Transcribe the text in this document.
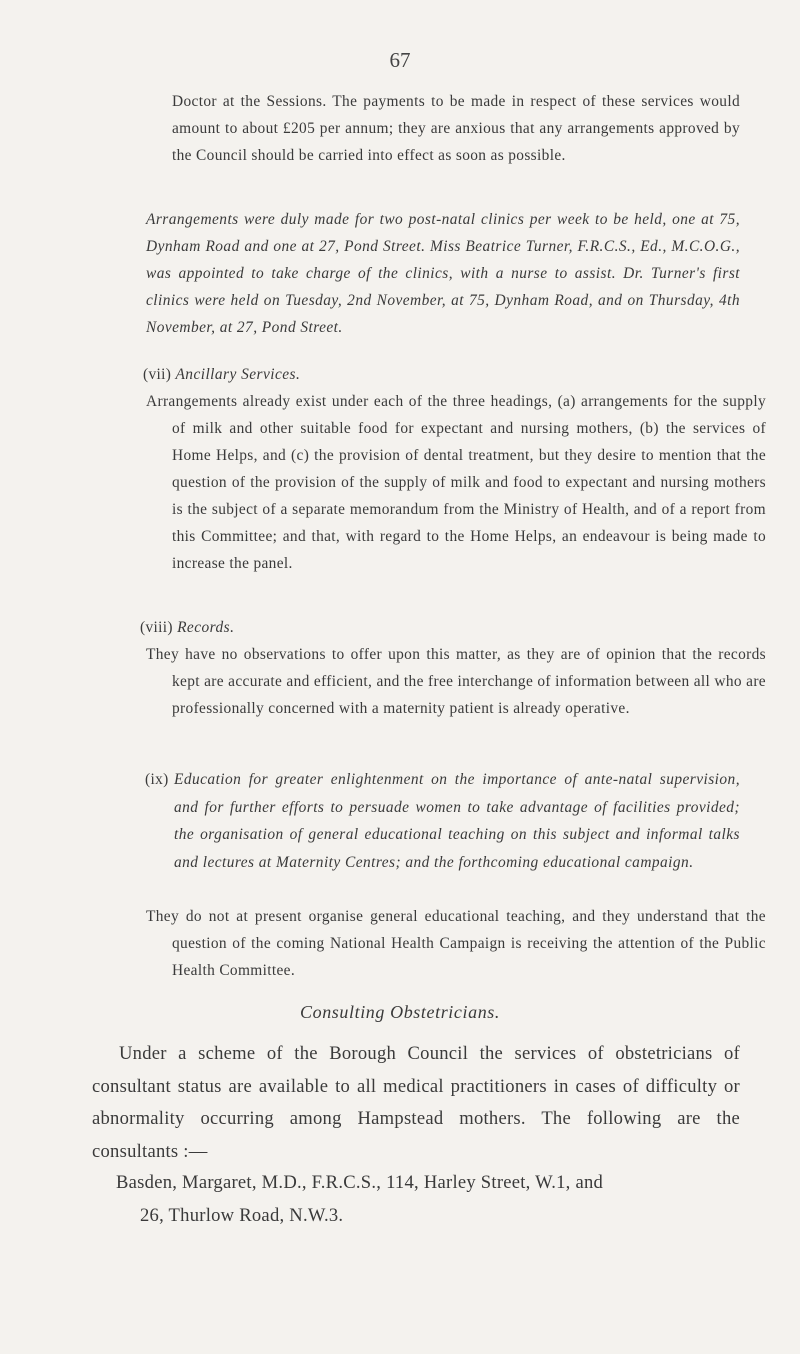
67

Doctor at the Sessions. The payments to be made in respect of these services would amount to about £205 per annum; they are anxious that any arrangements approved by the Council should be carried into effect as soon as possible.

Arrangements were duly made for two post-natal clinics per week to be held, one at 75, Dynham Road and one at 27, Pond Street. Miss Beatrice Turner, F.R.C.S., Ed., M.C.O.G., was appointed to take charge of the clinics, with a nurse to assist. Dr. Turner's first clinics were held on Tuesday, 2nd November, at 75, Dynham Road, and on Thursday, 4th November, at 27, Pond Street.

(vii) Ancillary Services.

Arrangements already exist under each of the three headings, (a) arrangements for the supply of milk and other suitable food for expectant and nursing mothers, (b) the services of Home Helps, and (c) the provision of dental treatment, but they desire to mention that the question of the provision of the supply of milk and food to expectant and nursing mothers is the subject of a separate memorandum from the Ministry of Health, and of a report from this Committee; and that, with regard to the Home Helps, an endeavour is being made to increase the panel.

(viii) Records.

They have no observations to offer upon this matter, as they are of opinion that the records kept are accurate and efficient, and the free interchange of information between all who are professionally concerned with a maternity patient is already operative.

(ix) Education for greater enlightenment on the importance of ante-natal supervision, and for further efforts to persuade women to take advantage of facilities provided; the organisation of general educational teaching on this subject and informal talks and lectures at Maternity Centres; and the forthcoming educational campaign.

They do not at present organise general educational teaching, and they understand that the question of the coming National Health Campaign is receiving the attention of the Public Health Committee.

Consulting Obstetricians.

Under a scheme of the Borough Council the services of obstetricians of consultant status are available to all medical practitioners in cases of difficulty or abnormality occurring among Hampstead mothers. The following are the consultants :—

Basden, Margaret, M.D., F.R.C.S., 114, Harley Street, W.1, and
26, Thurlow Road, N.W.3.
